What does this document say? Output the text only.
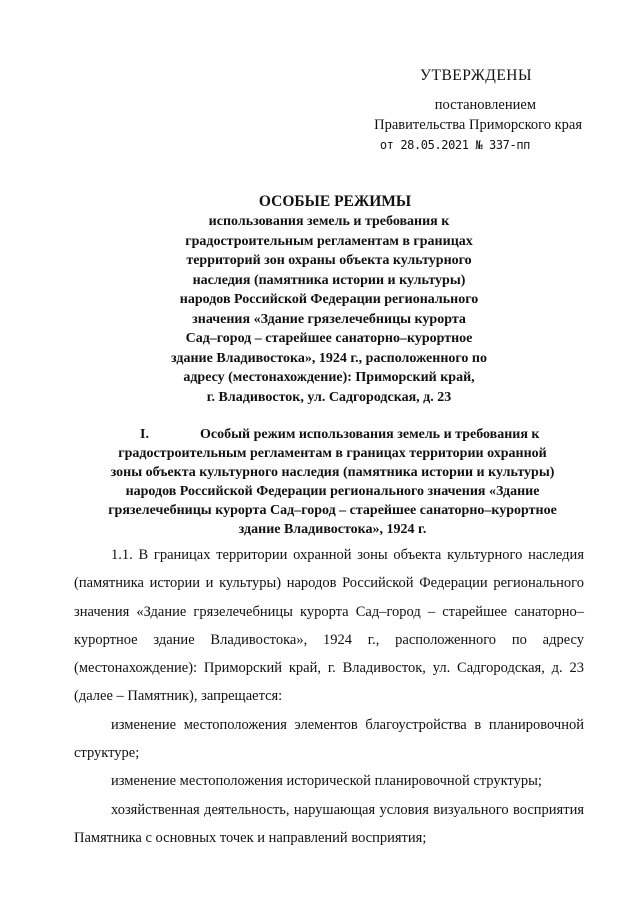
УТВЕРЖДЕНЫ
постановлением
Правительства Приморского края
от 28.05.2021 № 337-пп
ОСОБЫЕ РЕЖИМЫ
использования земель и требования к
градостроительным регламентам в границах
территорий зон охраны объекта культурного
наследия (памятника истории и культуры)
народов Российской Федерации регионального
значения «Здание грязелечебницы курорта
Сад–город – старейшее санаторно–курортное
здание Владивостока», 1924 г., расположенного по
адресу (местонахождение): Приморский край,
г. Владивосток, ул. Садгородская, д. 23
I.	Особый режим использования земель и требования к
градостроительным регламентам в границах территории охранной
зоны объекта культурного наследия (памятника истории и культуры)
народов Российской Федерации регионального значения «Здание
грязелечебницы курорта Сад–город – старейшее санаторно–курортное
здание Владивостока», 1924 г.

1.1. В границах территории охранной зоны объекта культурного наследия (памятника истории и культуры) народов Российской Федерации регионального значения «Здание грязелечебницы курорта Сад–город – старейшее санаторно–курортное здание Владивостока», 1924 г., расположенного по адресу (местонахождение): Приморский край, г. Владивосток, ул. Садгородская, д. 23 (далее – Памятник), запрещается:

изменение местоположения элементов благоустройства в планировочной структуре;

изменение местоположения исторической планировочной структуры;

хозяйственная деятельность, нарушающая условия визуального восприятия Памятника с основных точек и направлений восприятия;
